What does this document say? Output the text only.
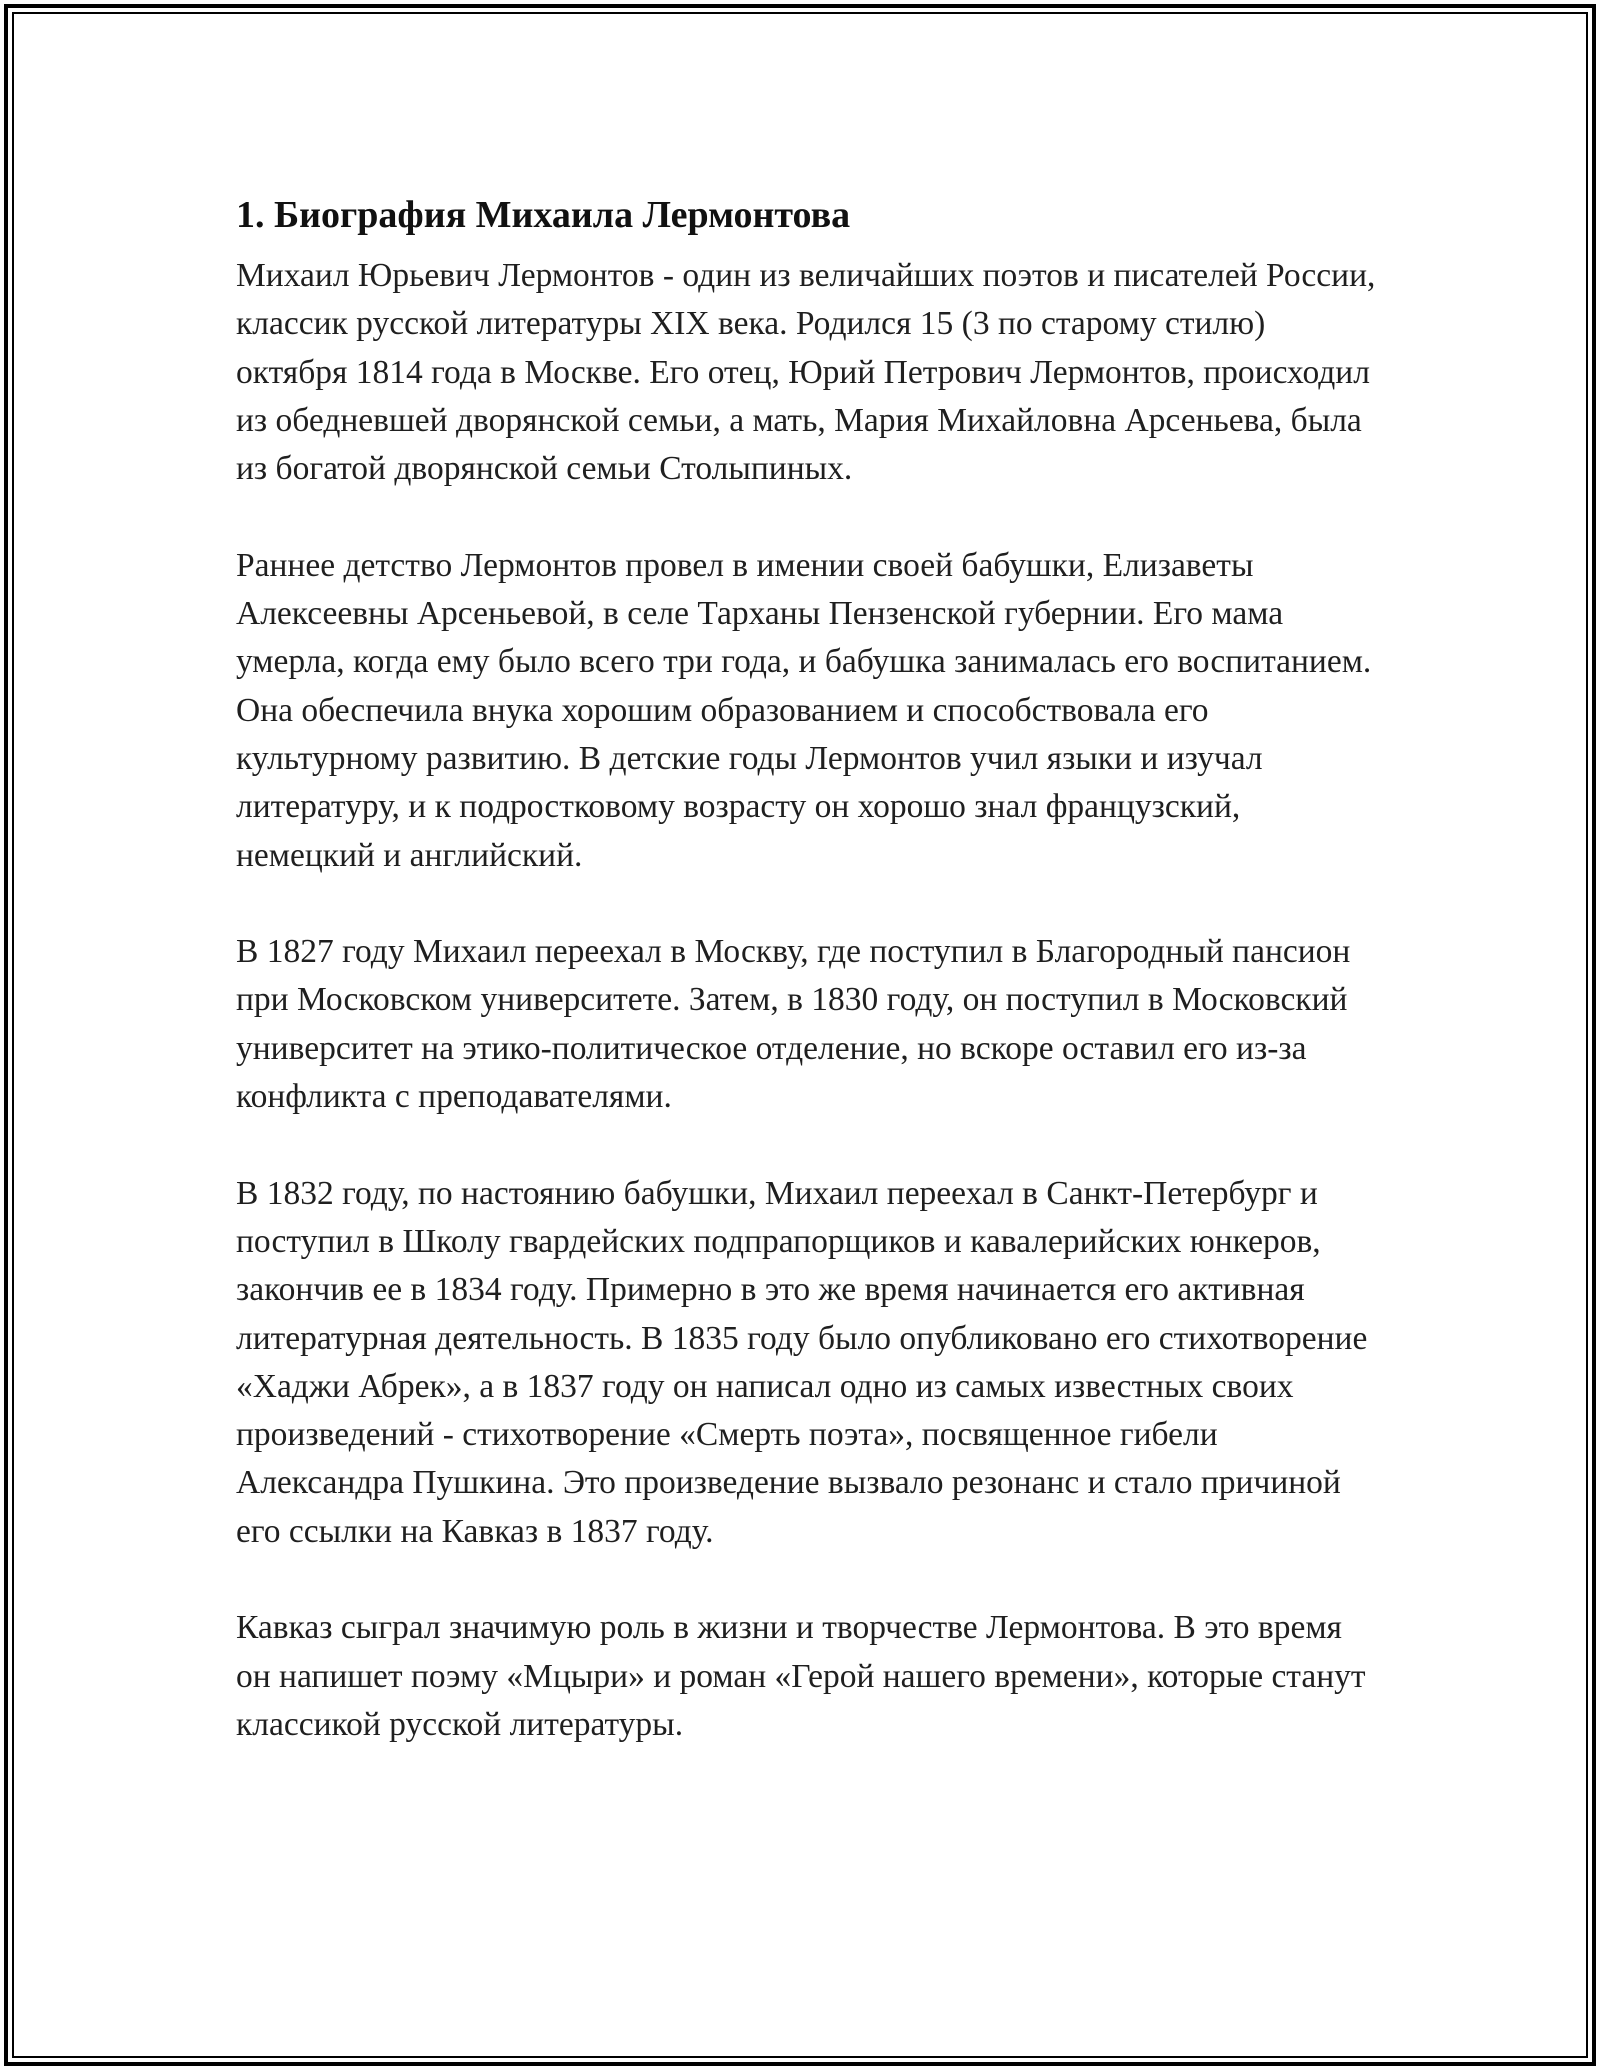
1. Биография Михаила Лермонтова

Михаил Юрьевич Лермонтов - один из величайших поэтов и писателей России, классик русской литературы XIX века. Родился 15 (3 по старому стилю) октября 1814 года в Москве. Его отец, Юрий Петрович Лермонтов, происходил из обедневшей дворянской семьи, а мать, Мария Михайловна Арсеньева, была из богатой дворянской семьи Столыпиных.

Раннее детство Лермонтов провел в имении своей бабушки, Елизаветы Алексеевны Арсеньевой, в селе Тарханы Пензенской губернии. Его мама умерла, когда ему было всего три года, и бабушка занималась его воспитанием. Она обеспечила внука хорошим образованием и способствовала его культурному развитию. В детские годы Лермонтов учил языки и изучал литературу, и к подростковому возрасту он хорошо знал французский, немецкий и английский.

В 1827 году Михаил переехал в Москву, где поступил в Благородный пансион при Московском университете. Затем, в 1830 году, он поступил в Московский университет на этико-политическое отделение, но вскоре оставил его из-за конфликта с преподавателями.

В 1832 году, по настоянию бабушки, Михаил переехал в Санкт-Петербург и поступил в Школу гвардейских подпрапорщиков и кавалерийских юнкеров, закончив ее в 1834 году. Примерно в это же время начинается его активная литературная деятельность. В 1835 году было опубликовано его стихотворение «Хаджи Абрек», а в 1837 году он написал одно из самых известных своих произведений - стихотворение «Смерть поэта», посвященное гибели Александра Пушкина. Это произведение вызвало резонанс и стало причиной его ссылки на Кавказ в 1837 году.

Кавказ сыграл значимую роль в жизни и творчестве Лермонтова. В это время он напишет поэму «Мцыри» и роман «Герой нашего времени», которые станут классикой русской литературы.
